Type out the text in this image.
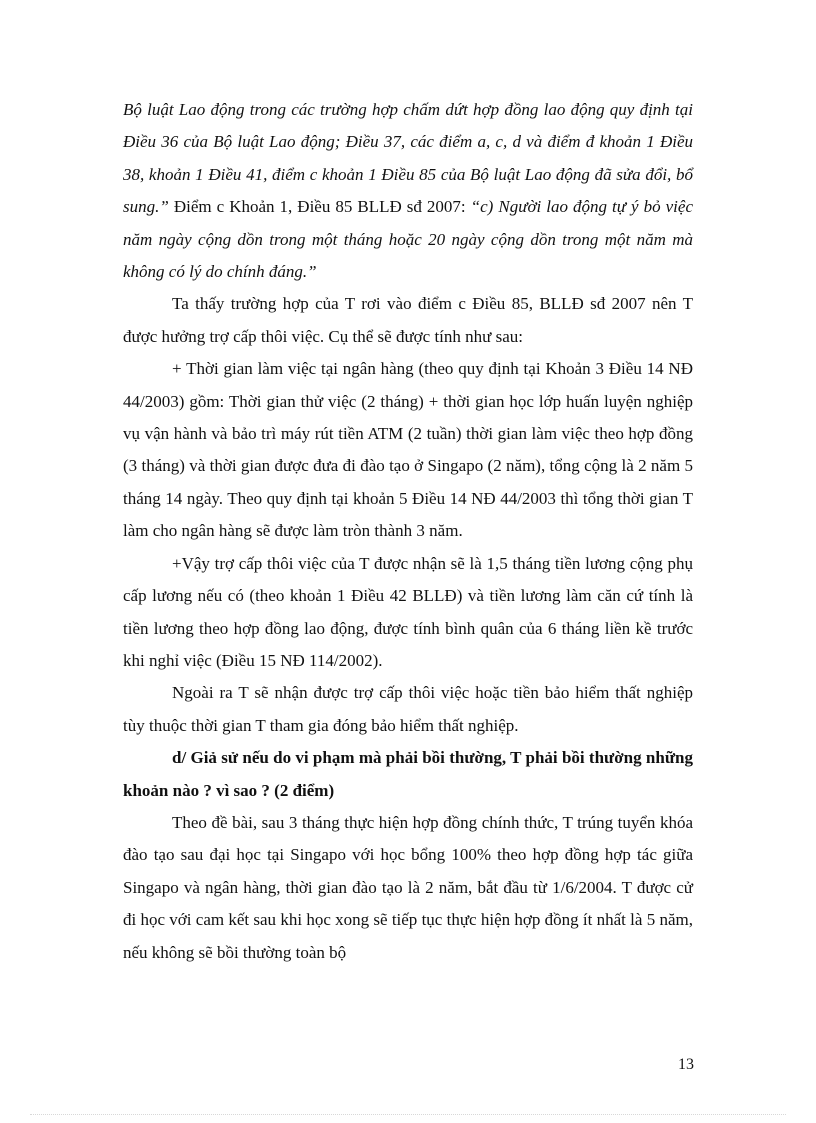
Bộ luật Lao động trong các trường hợp chấm dứt hợp đồng lao động quy định tại Điều 36 của Bộ luật Lao động; Điều 37, các điểm a, c, d và điểm đ khoản 1 Điều 38, khoản 1 Điều 41, điểm c khoản 1 Điều 85 của Bộ luật Lao động đã sửa đổi, bổ sung.” Điểm c Khoản 1, Điều 85 BLLĐ sđ 2007: “c) Người lao động tự ý bỏ việc năm ngày cộng dồn trong một tháng hoặc 20 ngày cộng dồn trong một năm mà không có lý do chính đáng.”

Ta thấy trường hợp của T rơi vào điểm c Điều 85, BLLĐ sđ 2007 nên T được hưởng trợ cấp thôi việc. Cụ thể sẽ được tính như sau:

+ Thời gian làm việc tại ngân hàng (theo quy định tại Khoản 3 Điều 14 NĐ 44/2003) gồm: Thời gian thử việc (2 tháng) + thời gian học lớp huấn luyện nghiệp vụ vận hành và bảo trì máy rút tiền ATM (2 tuần) thời gian làm việc theo hợp đồng (3 tháng) và thời gian được đưa đi đào tạo ở Singapo (2 năm), tổng cộng là 2 năm 5 tháng 14 ngày. Theo quy định tại khoản 5 Điều 14 NĐ 44/2003 thì tổng thời gian T làm cho ngân hàng sẽ được làm tròn thành 3 năm.

+Vậy trợ cấp thôi việc của T được nhận sẽ là 1,5 tháng tiền lương cộng phụ cấp lương nếu có (theo khoản 1 Điều 42 BLLĐ) và tiền lương làm căn cứ tính là tiền lương theo hợp đồng lao động, được tính bình quân của 6 tháng liền kề trước khi nghỉ việc (Điều 15 NĐ 114/2002).

Ngoài ra T sẽ nhận được trợ cấp thôi việc hoặc tiền bảo hiểm thất nghiệp tùy thuộc thời gian T tham gia đóng bảo hiểm thất nghiệp.

d/ Giả sử nếu do vi phạm mà phải bồi thường, T phải bồi thường những khoản nào ? vì sao ? (2 điểm)

Theo đề bài, sau 3 tháng thực hiện hợp đồng chính thức, T trúng tuyển khóa đào tạo sau đại học tại Singapo với học bổng 100% theo hợp đồng hợp tác giữa Singapo và ngân hàng, thời gian đào tạo là 2 năm, bắt đầu từ 1/6/2004. T được cử đi học với cam kết sau khi học xong sẽ tiếp tục thực hiện hợp đồng ít nhất là 5 năm, nếu không sẽ bồi thường toàn bộ

13
